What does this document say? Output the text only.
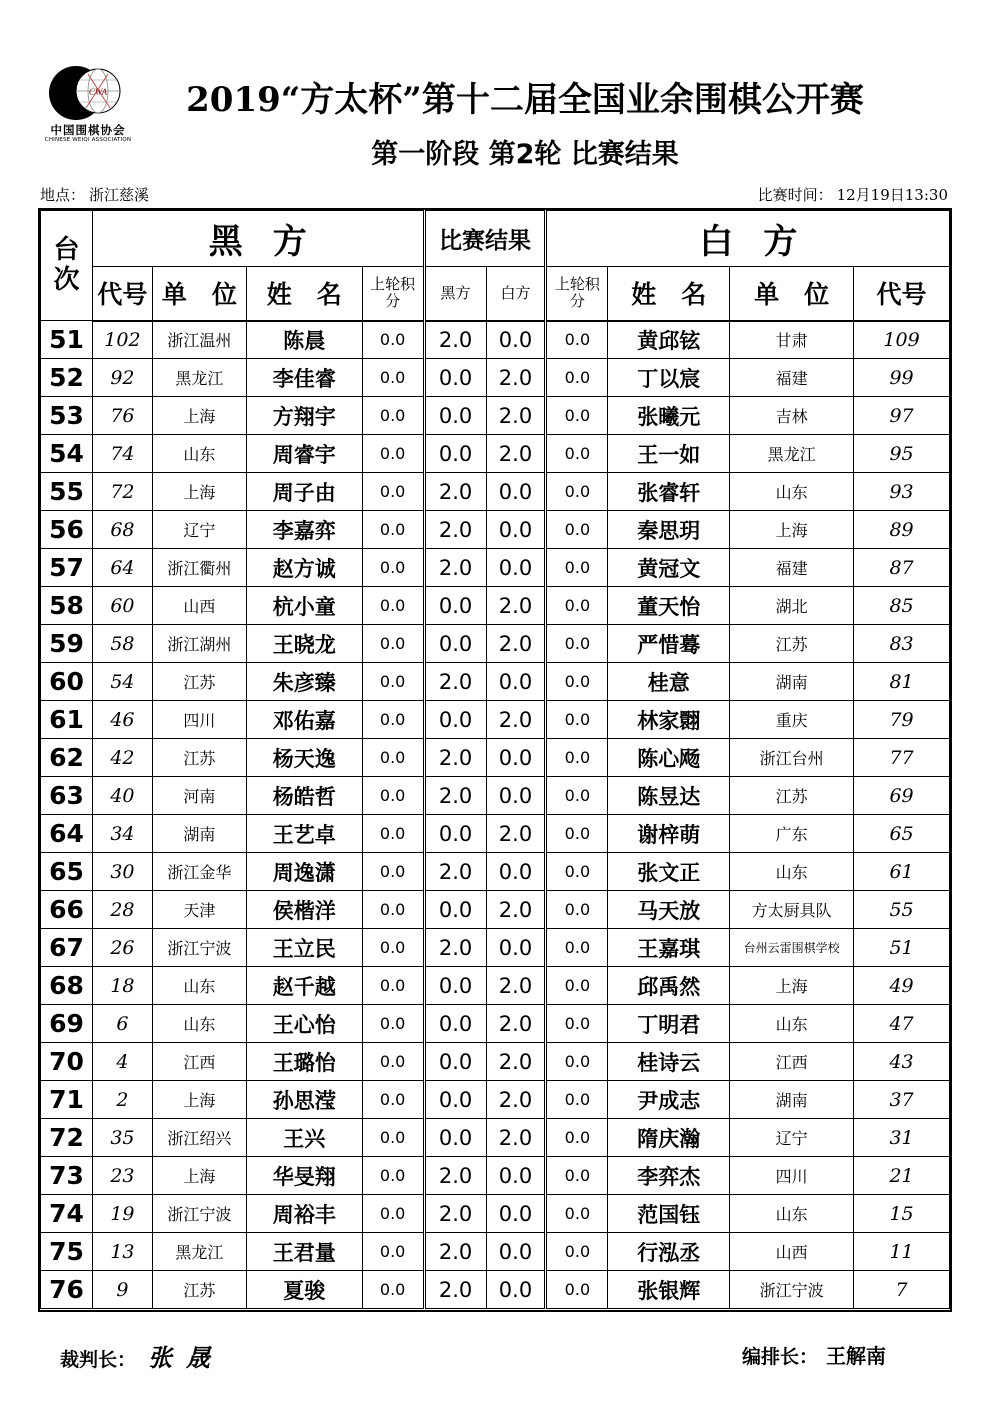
CWA
中国围棋协会
CHINESE WEIQI ASSOCIATION
2019“方太杯”第十二届全国业余围棋公开赛
第一阶段 第2轮 比赛结果
地点： 浙江慈溪	比赛时间： 12月19日13:30
台次	黑方				比赛结果		白方			
	代号	单　位	姓　名	上轮积分	黑方	白方	上轮积分	姓　名	单　位	代号
51	102	浙江温州	陈晨	0.0	2.0	0.0	0.0	黄邱铉	甘肃	109
52	92	黑龙江	李佳睿	0.0	0.0	2.0	0.0	丁以宸	福建	99
53	76	上海	方翔宇	0.0	0.0	2.0	0.0	张曦元	吉林	97
54	74	山东	周睿宇	0.0	0.0	2.0	0.0	王一如	黑龙江	95
55	72	上海	周子由	0.0	2.0	0.0	0.0	张睿轩	山东	93
56	68	辽宁	李嘉弈	0.0	2.0	0.0	0.0	秦思玥	上海	89
57	64	浙江衢州	赵方诚	0.0	2.0	0.0	0.0	黄冠文	福建	87
58	60	山西	杭小童	0.0	0.0	2.0	0.0	董天怡	湖北	85
59	58	浙江湖州	王晓龙	0.0	0.0	2.0	0.0	严惜蓦	江苏	83
60	54	江苏	朱彦臻	0.0	2.0	0.0	0.0	桂意	湖南	81
61	46	四川	邓佑嘉	0.0	0.0	2.0	0.0	林家翾	重庆	79
62	42	江苏	杨天逸	0.0	2.0	0.0	0.0	陈心飏	浙江台州	77
63	40	河南	杨皓哲	0.0	2.0	0.0	0.0	陈昱达	江苏	69
64	34	湖南	王艺卓	0.0	0.0	2.0	0.0	谢梓萌	广东	65
65	30	浙江金华	周逸潇	0.0	2.0	0.0	0.0	张文正	山东	61
66	28	天津	侯楷洋	0.0	0.0	2.0	0.0	马天放	方太厨具队	55
67	26	浙江宁波	王立民	0.0	2.0	0.0	0.0	王嘉琪	台州云雷围棋学校	51
68	18	山东	赵千越	0.0	0.0	2.0	0.0	邱禹然	上海	49
69	6	山东	王心怡	0.0	0.0	2.0	0.0	丁明君	山东	47
70	4	江西	王璐怡	0.0	0.0	2.0	0.0	桂诗云	江西	43
71	2	上海	孙思滢	0.0	0.0	2.0	0.0	尹成志	湖南	37
72	35	浙江绍兴	王兴	0.0	0.0	2.0	0.0	隋庆瀚	辽宁	31
73	23	上海	华旻翔	0.0	2.0	0.0	0.0	李弈杰	四川	21
74	19	浙江宁波	周裕丰	0.0	2.0	0.0	0.0	范国钰	山东	15
75	13	黑龙江	王君量	0.0	2.0	0.0	0.0	行泓丞	山西	11
76	9	江苏	夏骏	0.0	2.0	0.0	0.0	张银辉	浙江宁波	7
裁判长： 张晟	编排长： 王解南
